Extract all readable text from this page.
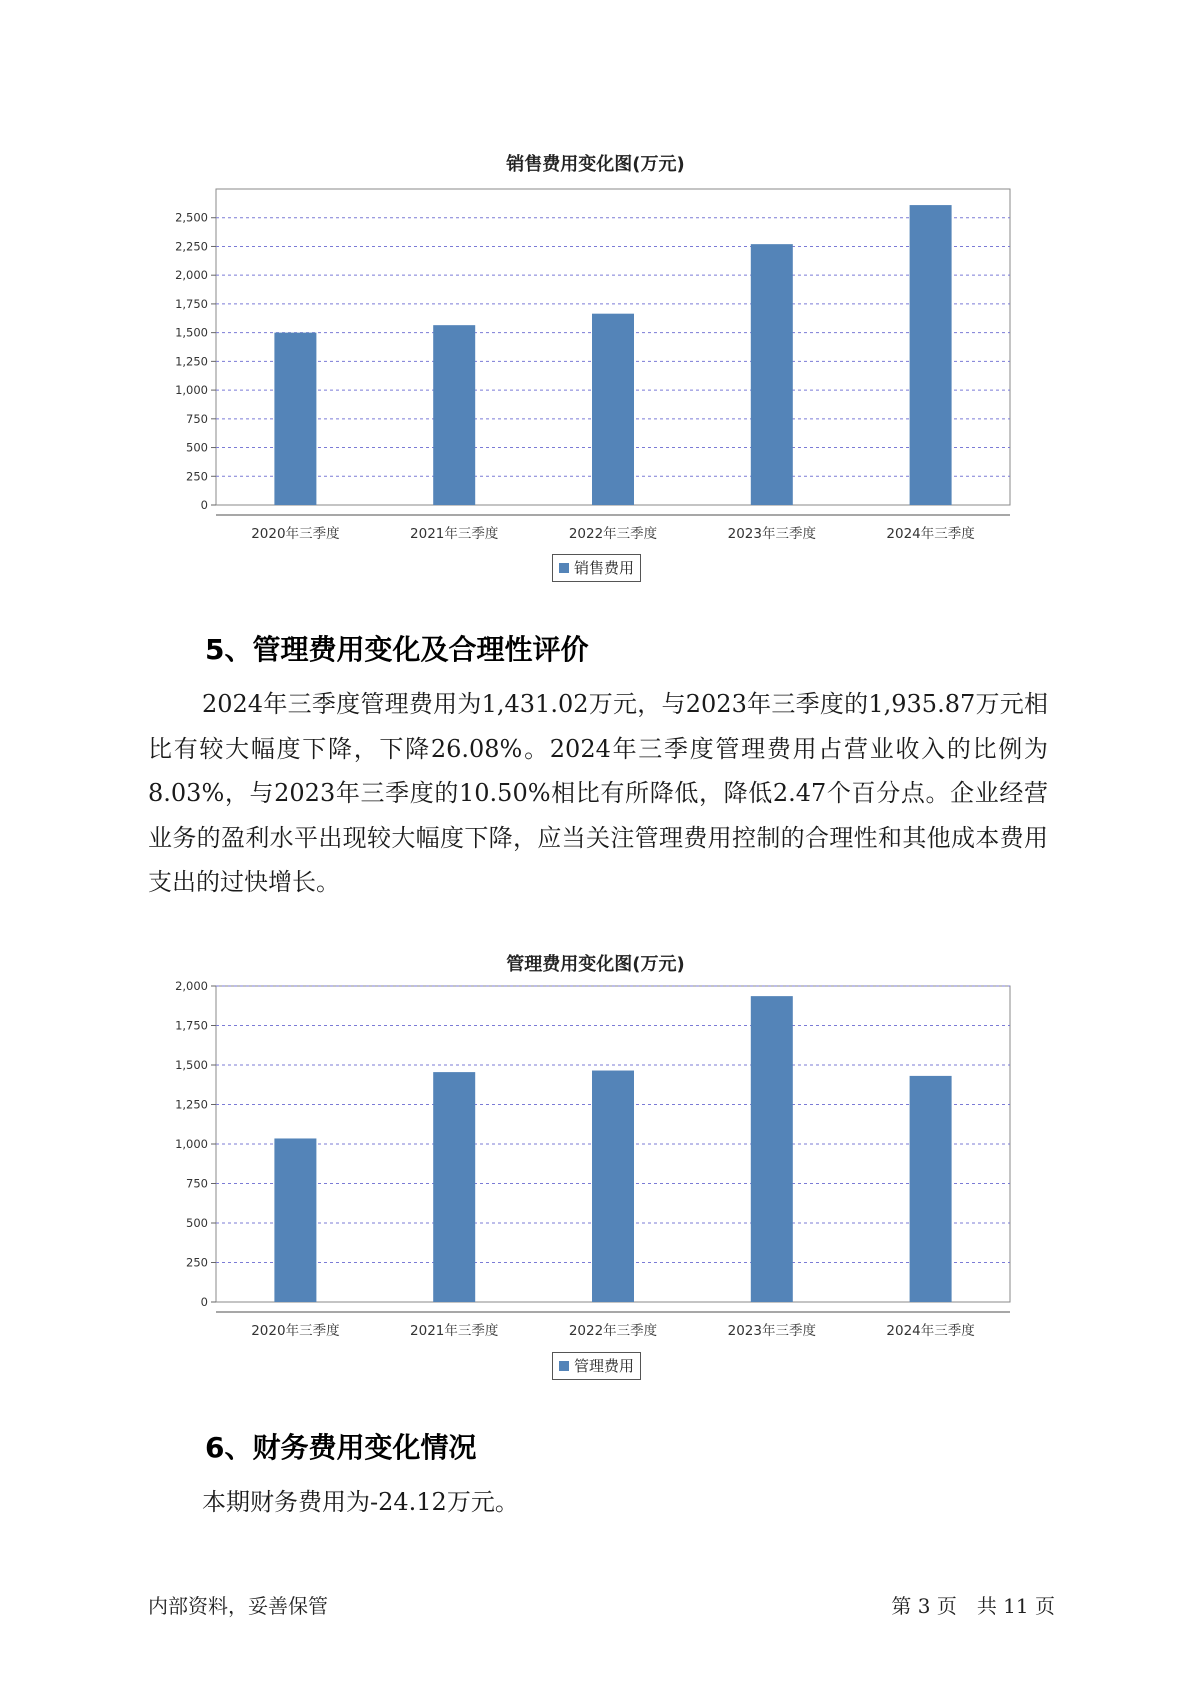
销售费用变化图(万元)
0
250
500
750
1,000
1,250
1,500
1,750
2,000
2,250
2,500
2020年三季度	2021年三季度	2022年三季度	2023年三季度	2024年三季度
销售费用
5、管理费用变化及合理性评价

2024年三季度管理费用为1,431.02万元，与2023年三季度的1,935.87万元相比有较大幅度下降，下降26.08%。2024年三季度管理费用占营业收入的比例为8.03%，与2023年三季度的10.50%相比有所降低，降低2.47个百分点。企业经营业务的盈利水平出现较大幅度下降，应当关注管理费用控制的合理性和其他成本费用支出的过快增长。

管理费用变化图(万元)
0
250
500
750
1,000
1,250
1,500
1,750
2,000
2020年三季度	2021年三季度	2022年三季度	2023年三季度	2024年三季度
管理费用
6、财务费用变化情况

本期财务费用为-24.12万元。

内部资料，妥善保管	第 3 页　共 11 页
